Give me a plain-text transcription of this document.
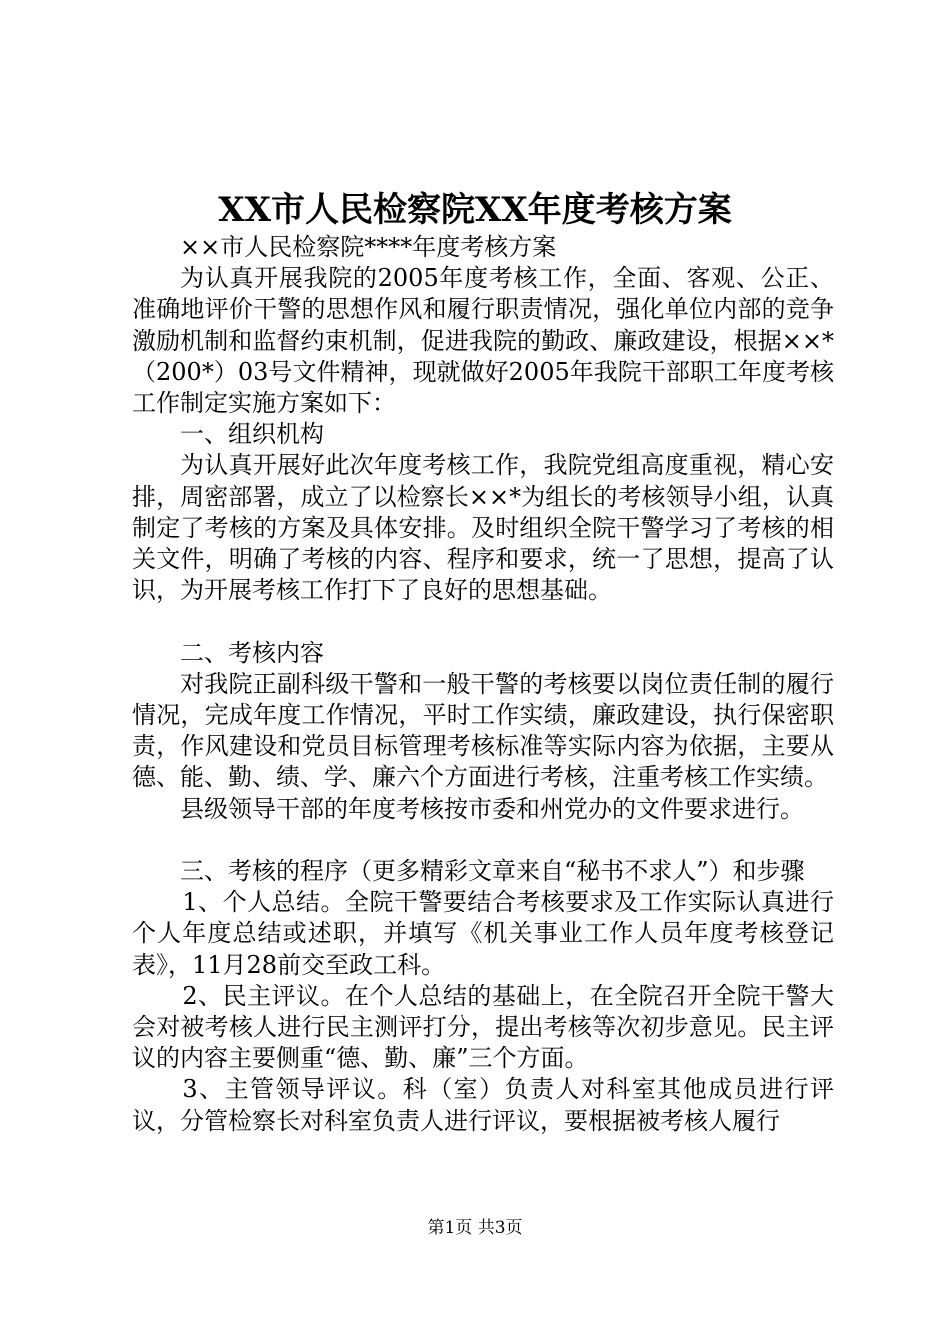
XX市人民检察院XX年度考核方案

××市人民检察院****年度考核方案

为认真开展我院的2005年度考核工作，全面、客观、公正、准确地评价干警的思想作风和履行职责情况，强化单位内部的竞争激励机制和监督约束机制，促进我院的勤政、廉政建设，根据××*（200*）03号文件精神，现就做好2005年我院干部职工年度考核工作制定实施方案如下：

一、组织机构

为认真开展好此次年度考核工作，我院党组高度重视，精心安排，周密部署，成立了以检察长××*为组长的考核领导小组，认真制定了考核的方案及具体安排。及时组织全院干警学习了考核的相关文件，明确了考核的内容、程序和要求，统一了思想，提高了认识，为开展考核工作打下了良好的思想基础。

二、考核内容

对我院正副科级干警和一般干警的考核要以岗位责任制的履行情况，完成年度工作情况，平时工作实绩，廉政建设，执行保密职责，作风建设和党员目标管理考核标准等实际内容为依据，主要从德、能、勤、绩、学、廉六个方面进行考核，注重考核工作实绩。

县级领导干部的年度考核按市委和州党办的文件要求进行。

三、考核的程序（更多精彩文章来自“秘书不求人”）和步骤

1、个人总结。全院干警要结合考核要求及工作实际认真进行个人年度总结或述职，并填写《机关事业工作人员年度考核登记表》，11月28前交至政工科。

2、民主评议。在个人总结的基础上，在全院召开全院干警大会对被考核人进行民主测评打分，提出考核等次初步意见。民主评议的内容主要侧重“德、勤、廉”三个方面。

3、主管领导评议。科（室）负责人对科室其他成员进行评议，分管检察长对科室负责人进行评议，要根据被考核人履行

第1页 共3页
